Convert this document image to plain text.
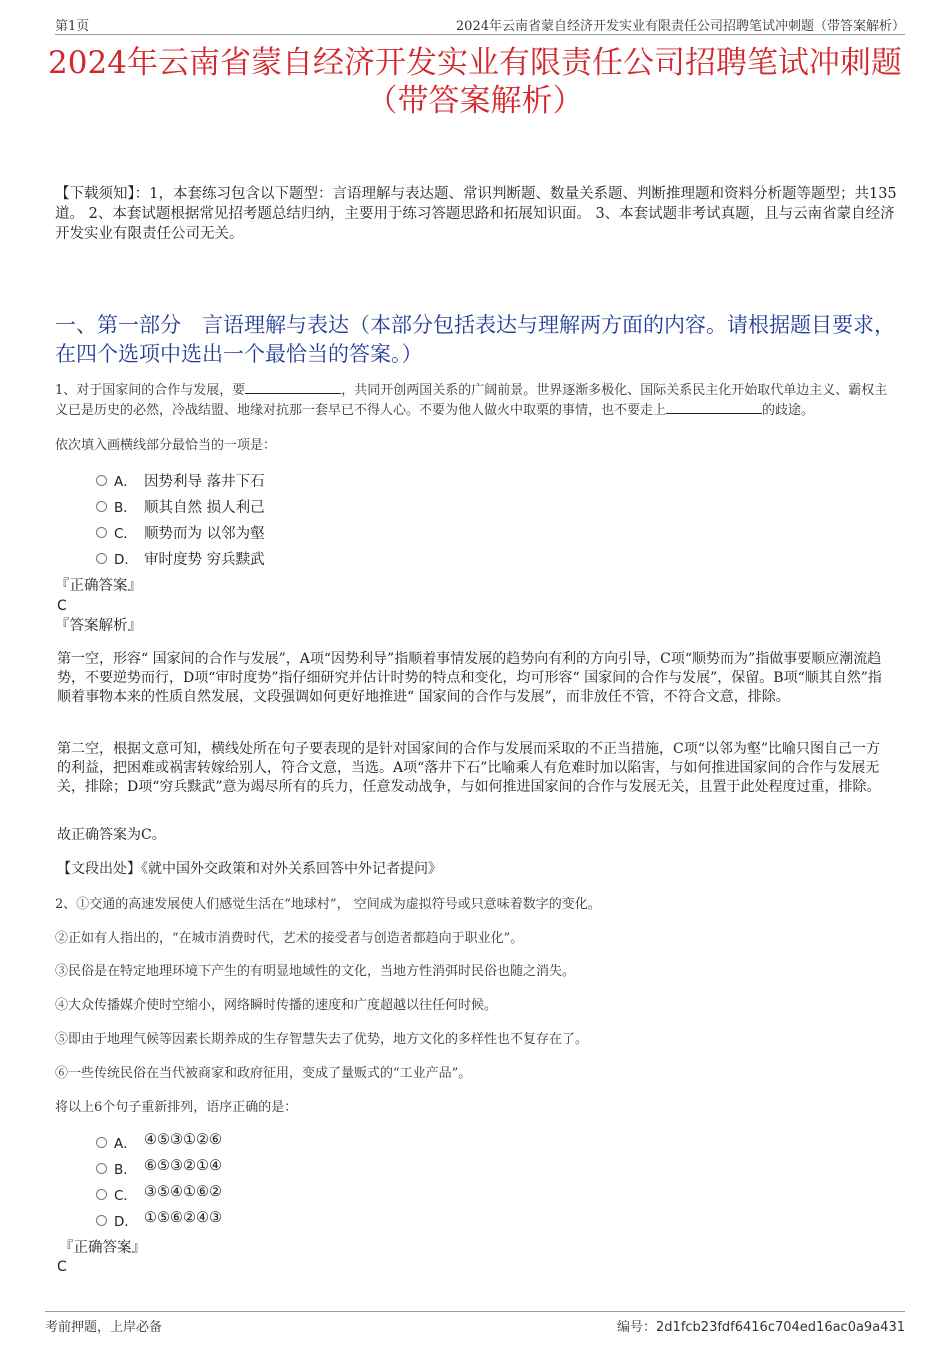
第1页	2024年云南省蒙自经济开发实业有限责任公司招聘笔试冲刺题（带答案解析）
2024年云南省蒙自经济开发实业有限责任公司招聘笔试冲刺题
（带答案解析）

【下载须知】：1，本套练习包含以下题型：言语理解与表达题、常识判断题、数量关系题、判断推理题和资料分析题等题型；共135道。 2、本套试题根据常见招考题总结归纳，主要用于练习答题思路和拓展知识面。 3、本套试题非考试真题，且与云南省蒙自经济开发实业有限责任公司无关。

一、第一部分　言语理解与表达（本部分包括表达与理解两方面的内容。请根据题目要求，在四个选项中选出一个最恰当的答案。）

1、对于国家间的合作与发展，要	，共同开创两国关系的广阔前景。世界逐渐多极化、国际关系民主化开始取代单边主义、霸权主义已是历史的必然，冷战结盟、地缘对抗那一套早已不得人心。不要为他人做火中取栗的事情，也不要走上	的歧途。

依次填入画横线部分最恰当的一项是：

A． 因势利导 落井下石
B． 顺其自然 损人利己
C． 顺势而为 以邻为壑
D． 审时度势 穷兵黩武

『正确答案』

C

『答案解析』

第一空，形容“ 国家间的合作与发展”，A项“因势利导”指顺着事情发展的趋势向有利的方向引导，C项“顺势而为”指做事要顺应潮流趋势，不要逆势而行，D项“审时度势”指仔细研究并估计时势的特点和变化，均可形容“ 国家间的合作与发展”，保留。B项“顺其自然”指顺着事物本来的性质自然发展，文段强调如何更好地推进“ 国家间的合作与发展”，而非放任不管，不符合文意，排除。

第二空，根据文意可知，横线处所在句子要表现的是针对国家间的合作与发展而采取的不正当措施，C项“以邻为壑”比喻只图自己一方的利益，把困难或祸害转嫁给别人，符合文意，当选。A项“落井下石”比喻乘人有危难时加以陷害，与如何推进国家间的合作与发展无关，排除；D项“穷兵黩武”意为竭尽所有的兵力，任意发动战争，与如何推进国家间的合作与发展无关，且置于此处程度过重，排除。

故正确答案为C。

【文段出处】《就中国外交政策和对外关系回答中外记者提问》

2、①交通的高速发展使人们感觉生活在“地球村”， 空间成为虚拟符号或只意味着数字的变化。

②正如有人指出的，“在城市消费时代，艺术的接受者与创造者都趋向于职业化”。

③民俗是在特定地理环境下产生的有明显地域性的文化，当地方性消弭时民俗也随之消失。

④大众传播媒介使时空缩小，网络瞬时传播的速度和广度超越以往任何时候。

⑤即由于地理气候等因素长期养成的生存智慧失去了优势，地方文化的多样性也不复存在了。

⑥一些传统民俗在当代被商家和政府征用，变成了量贩式的“工业产品”。

将以上6个句子重新排列，语序正确的是：

A． ④⑤③①②⑥
B． ⑥⑤③②①④
C． ③⑤④①⑥②
D． ①⑤⑥②④③

『正确答案』

C

考前押题，上岸必备	编号：2d1fcb23fdf6416c704ed16ac0a9a431
